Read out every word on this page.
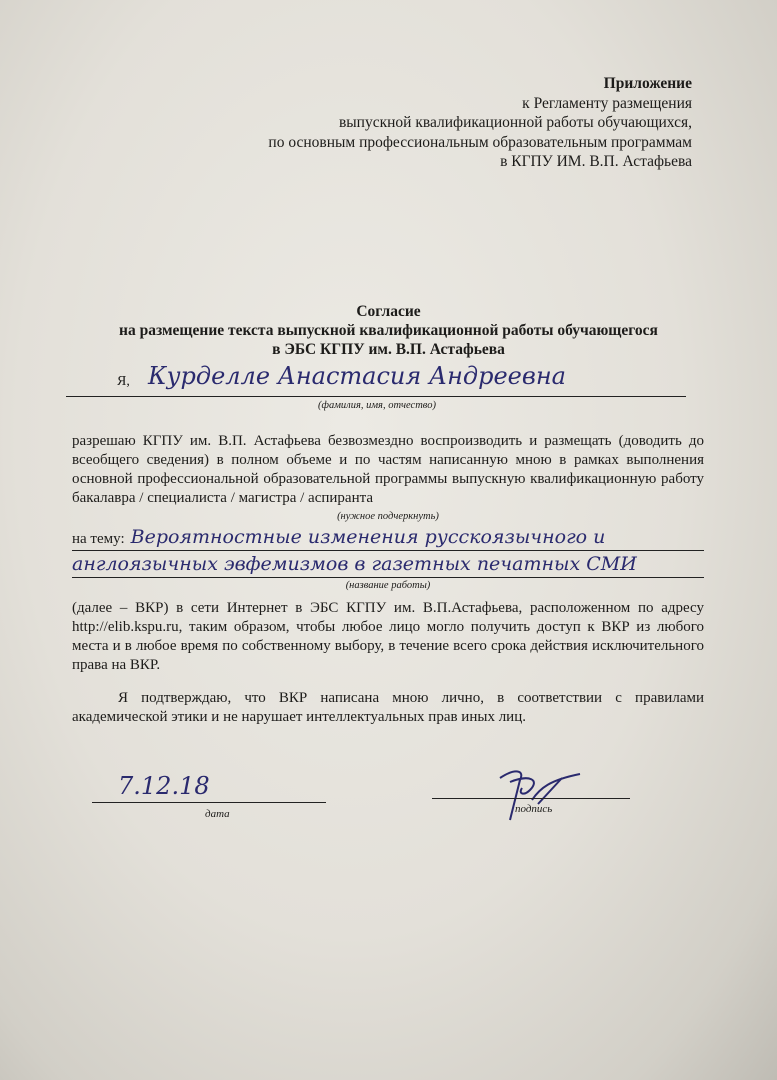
Приложение
к Регламенту размещения
выпускной квалификационной работы обучающихся,
по основным профессиональным образовательным программам
в КГПУ ИМ. В.П. Астафьева
Согласие
на размещение текста выпускной квалификационной работы обучающегося
в ЭБС КГПУ им. В.П. Астафьева
Я, Курделле Анастасия Андреевна
(фамилия, имя, отчество)
разрешаю КГПУ им. В.П. Астафьева безвозмездно воспроизводить и размещать (доводить до всеобщего сведения) в полном объеме и по частям написанную мною в рамках выполнения основной профессиональной образовательной программы выпускную квалификационную работу бакалавра / специалиста / магистра / аспиранта
(нужное подчеркнуть)
на тему: Вероятностные изменения русскоязычного и
англоязычных эвфемизмов в газетных печатных СМИ
(название работы)
(далее – ВКР) в сети Интернет в ЭБС КГПУ им. В.П.Астафьева, расположенном по адресу http://elib.kspu.ru, таким образом, чтобы любое лицо могло получить доступ к ВКР из любого места и в любое время по собственному выбору, в течение всего срока действия исключительного права на ВКР.
Я подтверждаю, что ВКР написана мною лично, в соответствии с правилами академической этики и не нарушает интеллектуальных прав иных лиц.
7.12.18
дата	подпись
